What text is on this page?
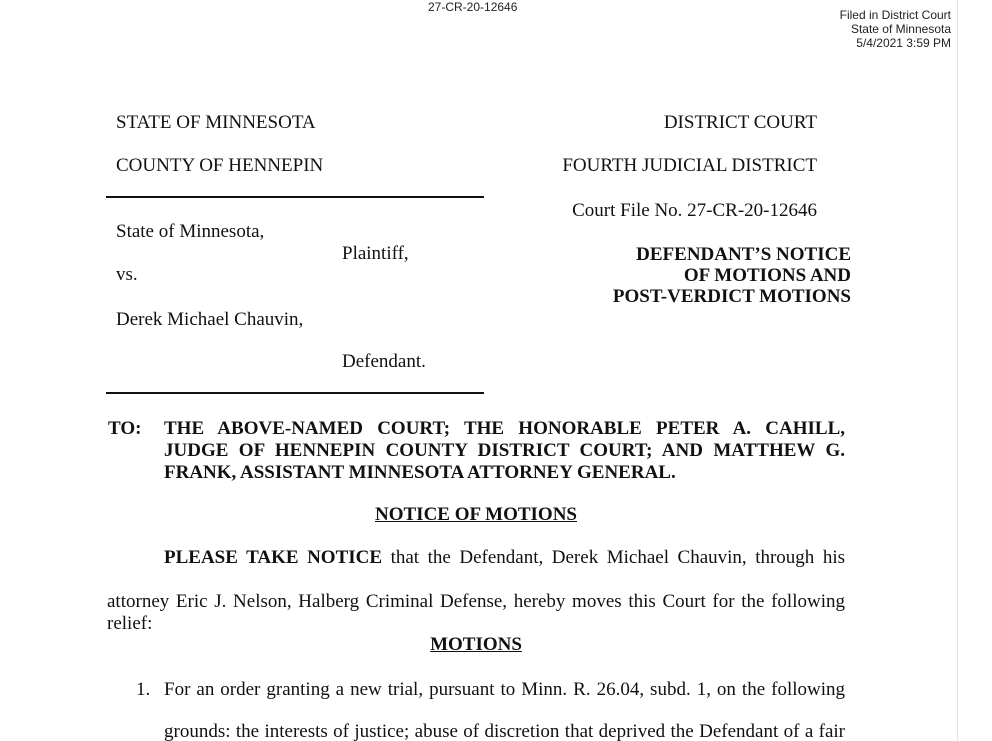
27-CR-20-12646
Filed in District Court
State of Minnesota
5/4/2021 3:59 PM
STATE OF MINNESOTA
COUNTY OF HENNEPIN
DISTRICT COURT
FOURTH JUDICIAL DISTRICT
State of Minnesota,
Plaintiff,
vs.
Derek Michael Chauvin,
Defendant.
Court File No. 27-CR-20-12646
DEFENDANT’S NOTICE
OF MOTIONS AND
POST-VERDICT MOTIONS
TO: THE ABOVE-NAMED COURT; THE HONORABLE PETER A. CAHILL, JUDGE OF HENNEPIN COUNTY DISTRICT COURT; AND MATTHEW G. FRANK, ASSISTANT MINNESOTA ATTORNEY GENERAL.
NOTICE OF MOTIONS
PLEASE TAKE NOTICE that the Defendant, Derek Michael Chauvin, through his
attorney Eric J. Nelson, Halberg Criminal Defense, hereby moves this Court for the following relief:
MOTIONS
1. For an order granting a new trial, pursuant to Minn. R. 26.04, subd. 1, on the following
grounds: the interests of justice; abuse of discretion that deprived the Defendant of a fair
